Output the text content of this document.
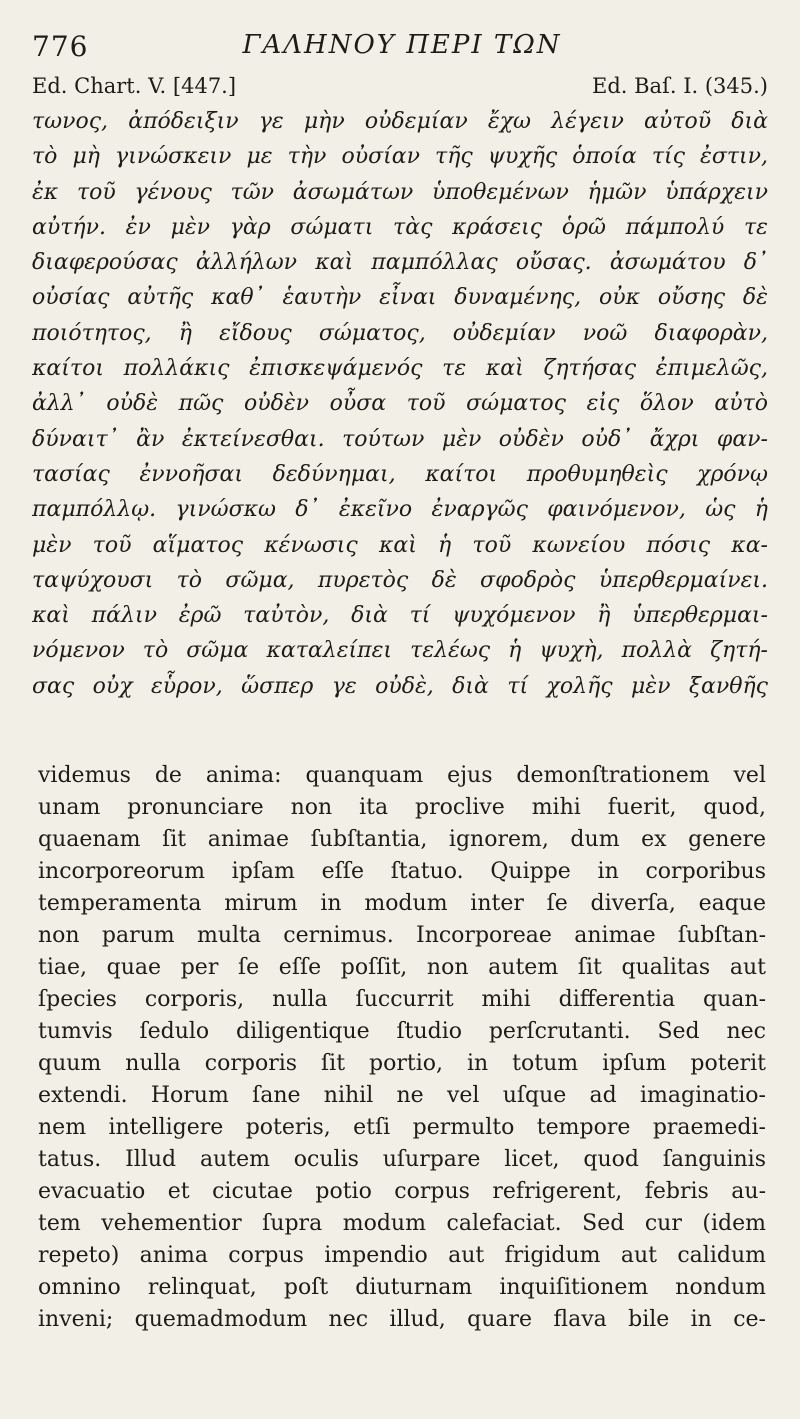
776	ΓΑΛΗΝΟΥ ΠΕΡΙ ΤΩΝ
Ed. Chart. V. [447.]	Ed. Baſ. I. (345.)
τωνος, ἀπόδειξιν γε μὴν οὐδεμίαν ἔχω λέγειν αὐτοῦ διὰ
τὸ μὴ γινώσκειν με τὴν οὐσίαν τῆς ψυχῆς ὁποία τίς ἐστιν,
ἐκ τοῦ γένους τῶν ἀσωμάτων ὑποθεμένων ἡμῶν ὑπάρχειν
αὐτήν. ἐν μὲν γὰρ σώματι τὰς κράσεις ὁρῶ πάμπολύ τε
διαφερούσας ἀλλήλων καὶ παμπόλλας οὔσας. ἀσωμάτου δ᾽
οὐσίας αὐτῆς καθ᾽ ἑαυτὴν εἶναι δυναμένης, οὐκ οὔσης δὲ
ποιότητος, ἢ εἴδους σώματος, οὐδεμίαν νοῶ διαφορὰν,
καίτοι πολλάκις ἐπισκεψάμενός τε καὶ ζητήσας ἐπιμελῶς,
ἀλλ᾽ οὐδὲ πῶς οὐδὲν οὖσα τοῦ σώματος εἰς ὅλον αὐτὸ
δύναιτ᾽ ἂν ἐκτείνεσθαι. τούτων μὲν οὐδὲν οὐδ᾽ ἄχρι φαν-
τασίας ἐννοῆσαι δεδύνημαι, καίτοι προθυμηθεὶς χρόνῳ
παμπόλλῳ. γινώσκω δ᾽ ἐκεῖνο ἐναργῶς φαινόμενον, ὡς ἡ
μὲν τοῦ αἵματος κένωσις καὶ ἡ τοῦ κωνείου πόσις κα-
ταψύχουσι τὸ σῶμα, πυρετὸς δὲ σφοδρὸς ὑπερθερμαίνει.
καὶ πάλιν ἐρῶ ταὐτὸν, διὰ τί ψυχόμενον ἢ ὑπερθερμαι-
νόμενον τὸ σῶμα καταλείπει τελέως ἡ ψυχὴ, πολλὰ ζητή-
σας οὐχ εὗρον, ὥσπερ γε οὐδὲ, διὰ τί χολῆς μὲν ξανθῆς
videmus de anima: quanquam ejus demonſtrationem vel
unam pronunciare non ita proclive mihi fuerit, quod,
quaenam ſit animae ſubſtantia, ignorem, dum ex genere
incorporeorum ipſam eſſe ſtatuo. Quippe in corporibus
temperamenta mirum in modum inter ſe diverſa, eaque
non parum multa cernimus. Incorporeae animae ſubſtan-
tiae, quae per ſe eſſe poſſit, non autem ſit qualitas aut
ſpecies corporis, nulla ſuccurrit mihi differentia quan-
tumvis ſedulo diligentique ſtudio perſcrutanti. Sed nec
quum nulla corporis ſit portio, in totum ipſum poterit
extendi. Horum ſane nihil ne vel uſque ad imaginatio-
nem intelligere poteris, etſi permulto tempore praemedi-
tatus. Illud autem oculis uſurpare licet, quod ſanguinis
evacuatio et cicutae potio corpus refrigerent, febris au-
tem vehementior ſupra modum calefaciat. Sed cur (idem
repeto) anima corpus impendio aut frigidum aut calidum
omnino relinquat, poſt diuturnam inquiſitionem nondum
inveni; quemadmodum nec illud, quare flava bile in ce-
